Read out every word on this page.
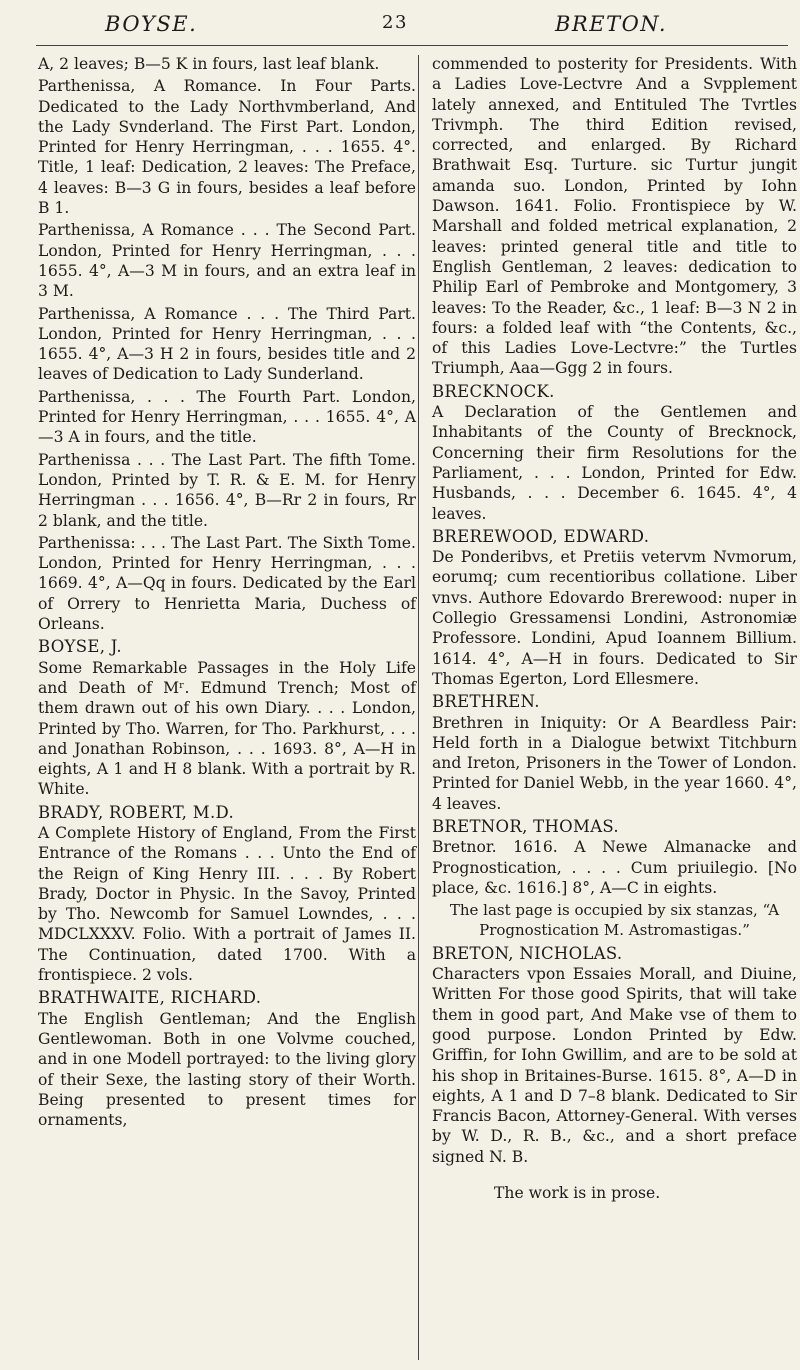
BOYSE.	23	BRETON.

A, 2 leaves; B—5 K in fours, last leaf blank.

Parthenissa, A Romance. In Four Parts. Dedicated to the Lady Northvmberland, And the Lady Svnderland. The First Part. London, Printed for Henry Herringman, . . . 1655. 4°. Title, 1 leaf: Dedication, 2 leaves: The Preface, 4 leaves: B—3 G in fours, besides a leaf before B 1.

Parthenissa, A Romance . . . The Second Part. London, Printed for Henry Herringman, . . . 1655. 4°, A—3 M in fours, and an extra leaf in 3 M.

Parthenissa, A Romance . . . The Third Part. London, Printed for Henry Herringman, . . . 1655. 4°, A—3 H 2 in fours, besides title and 2 leaves of Dedication to Lady Sunderland.

Parthenissa, . . . The Fourth Part. London, Printed for Henry Herringman, . . . 1655. 4°, A—3 A in fours, and the title.

Parthenissa . . . The Last Part. The fifth Tome. London, Printed by T. R. & E. M. for Henry Herringman . . . 1656. 4°, B—Rr 2 in fours, Rr 2 blank, and the title.

Parthenissa: . . . The Last Part. The Sixth Tome. London, Printed for Henry Herringman, . . . 1669. 4°, A—Qq in fours. Dedicated by the Earl of Orrery to Henrietta Maria, Duchess of Orleans.

BOYSE, J.

Some Remarkable Passages in the Holy Life and Death of Mʳ. Edmund Trench; Most of them drawn out of his own Diary. . . . London, Printed by Tho. Warren, for Tho. Parkhurst, . . . and Jonathan Robinson, . . . 1693. 8°, A—H in eights, A 1 and H 8 blank. With a portrait by R. White.

BRADY, ROBERT, M.D.

A Complete History of England, From the First Entrance of the Romans . . . Unto the End of the Reign of King Henry III. . . . By Robert Brady, Doctor in Physic. In the Savoy, Printed by Tho. Newcomb for Samuel Lowndes, . . . MDCLXXXV. Folio. With a portrait of James II. The Continuation, dated 1700. With a frontispiece. 2 vols.

BRATHWAITE, RICHARD.

The English Gentleman; And the English Gentlewoman. Both in one Volvme couched, and in one Modell portrayed: to the living glory of their Sexe, the lasting story of their Worth. Being presented to present times for ornaments,

commended to posterity for Presidents. With a Ladies Love-Lectvre And a Svpplement lately annexed, and Entituled The Tvrtles Trivmph. The third Edition revised, corrected, and enlarged. By Richard Brathwait Esq. Turture. sic Turtur jungit amanda suo. London, Printed by Iohn Dawson. 1641. Folio. Frontispiece by W. Marshall and folded metrical explanation, 2 leaves: printed general title and title to English Gentleman, 2 leaves: dedication to Philip Earl of Pembroke and Montgomery, 3 leaves: To the Reader, &c., 1 leaf: B—3 N 2 in fours: a folded leaf with “the Contents, &c., of this Ladies Love-Lectvre:” the Turtles Triumph, Aaa—Ggg 2 in fours.

BRECKNOCK.

A Declaration of the Gentlemen and Inhabitants of the County of Brecknock, Concerning their firm Resolutions for the Parliament, . . . London, Printed for Edw. Husbands, . . . December 6. 1645. 4°, 4 leaves.

BREREWOOD, EDWARD.

De Ponderibvs, et Pretiis vetervm Nvmorum, eorumq; cum recentioribus collatione. Liber vnvs. Authore Edovardo Brerewood: nuper in Collegio Gressamensi Londini, Astronomiæ Professore. Londini, Apud Ioannem Billium. 1614. 4°, A—H in fours. Dedicated to Sir Thomas Egerton, Lord Ellesmere.

BRETHREN.

Brethren in Iniquity: Or A Beardless Pair: Held forth in a Dialogue betwixt Titchburn and Ireton, Prisoners in the Tower of London. Printed for Daniel Webb, in the year 1660. 4°, 4 leaves.

BRETNOR, THOMAS.

Bretnor. 1616. A Newe Almanacke and Prognostication, . . . . Cum priuilegio. [No place, &c. 1616.] 8°, A—C in eights.

The last page is occupied by six stanzas, “A Prognostication M. Astromastigas.”

BRETON, NICHOLAS.

Characters vpon Essaies Morall, and Diuine, Written For those good Spirits, that will take them in good part, And Make vse of them to good purpose. London Printed by Edw. Griffin, for Iohn Gwillim, and are to be sold at his shop in Britaines-Burse. 1615. 8°, A—D in eights, A 1 and D 7–8 blank. Dedicated to Sir Francis Bacon, Attorney-General. With verses by W. D., R. B., &c., and a short preface signed N. B.

The work is in prose.
